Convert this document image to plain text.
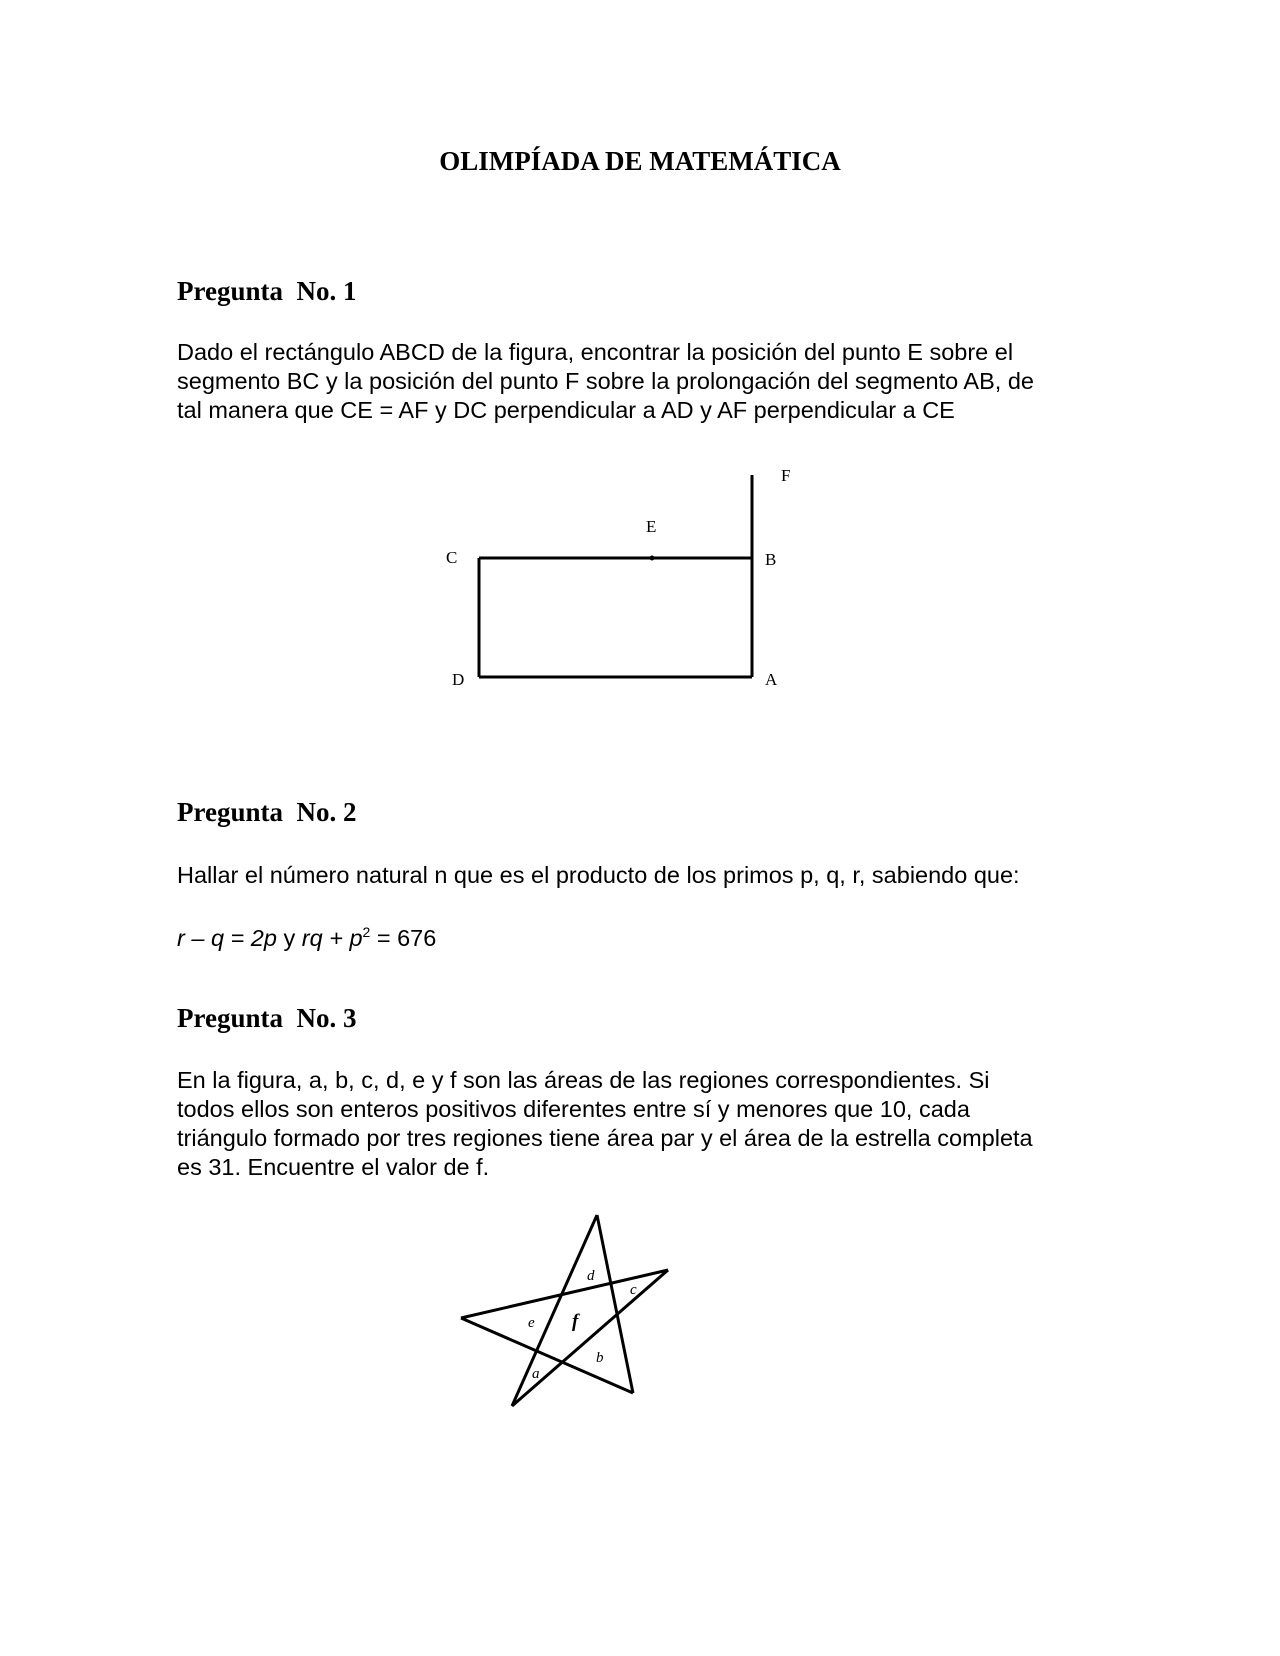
OLIMPÍADA DE MATEMÁTICA
Pregunta  No. 1

Dado el rectángulo ABCD de la figura, encontrar la posición del punto E sobre el

segmento BC y la posición del punto F sobre la prolongación del segmento AB, de

tal manera que CE = AF y DC perpendicular a AD y AF perpendicular a CE

C
E
B
F
D	A
Pregunta  No. 2

Hallar el número natural n que es el producto de los primos p, q, r, sabiendo que:

r – q = 2p y rq + $p^2 = 676$

Pregunta  No. 3

En la figura, a, b, c, d, e y f son las áreas de las regiones correspondientes. Si

todos ellos son enteros positivos diferentes entre sí y menores que 10, cada

triángulo formado por tres regiones tiene área par y el área de la estrella completa

es 31. Encuentre el valor de f.

d
c
e f
b
a
